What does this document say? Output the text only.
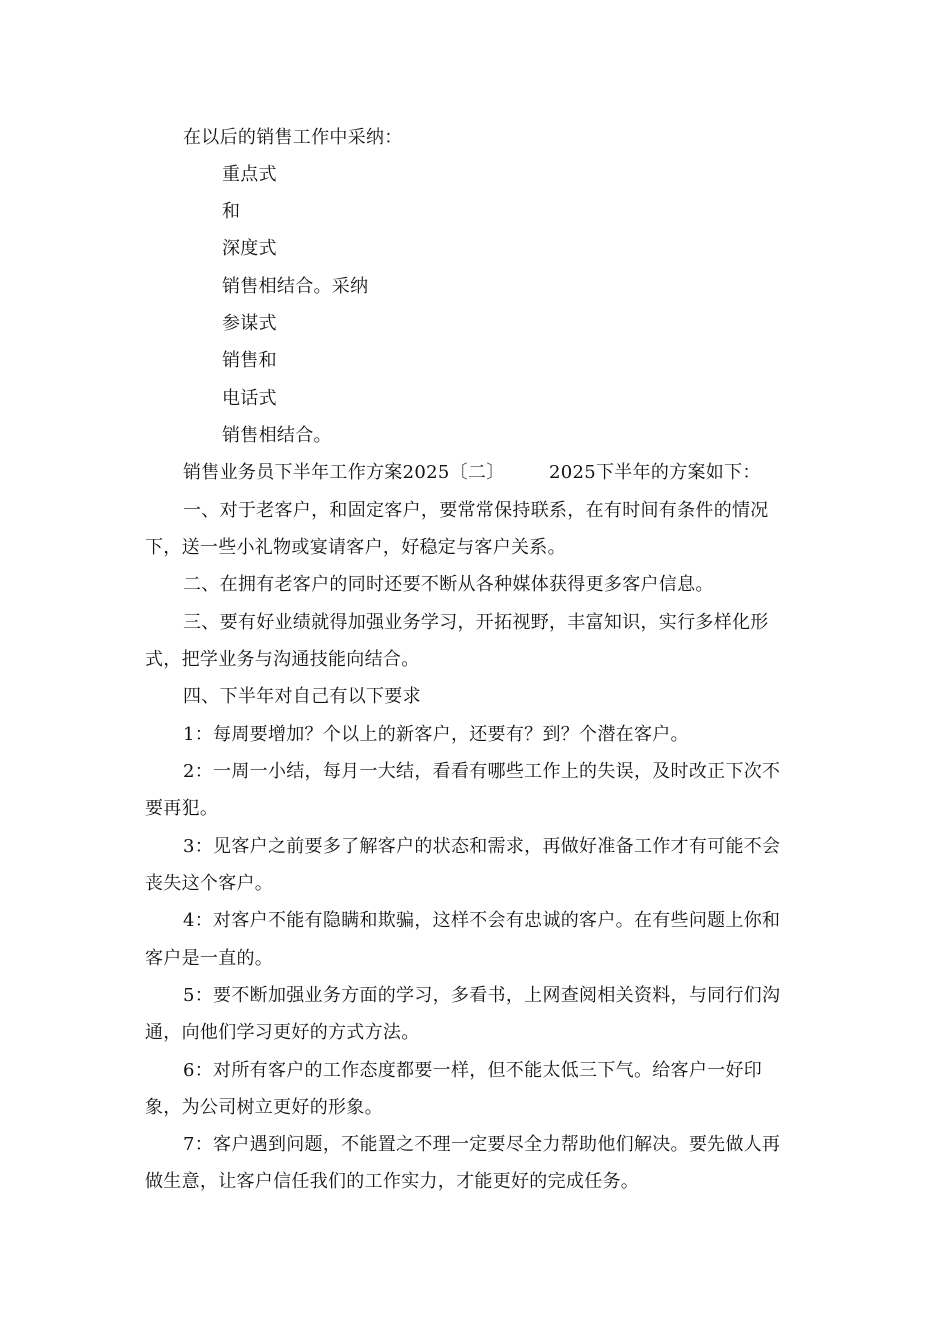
在以后的销售工作中采纳：
重点式
和
深度式
销售相结合。采纳
参谋式
销售和
电话式
销售相结合。
销售业务员下半年工作方案2025〔二〕 2025下半年的方案如下：
一、对于老客户，和固定客户，要常常保持联系，在有时间有条件的情况
下，送一些小礼物或宴请客户，好稳定与客户关系。
二、在拥有老客户的同时还要不断从各种媒体获得更多客户信息。
三、要有好业绩就得加强业务学习，开拓视野，丰富知识，实行多样化形
式，把学业务与沟通技能向结合。
四、下半年对自己有以下要求
1：每周要增加？个以上的新客户，还要有？到？个潜在客户。
2：一周一小结，每月一大结，看看有哪些工作上的失误，及时改正下次不
要再犯。
3：见客户之前要多了解客户的状态和需求，再做好准备工作才有可能不会
丧失这个客户。
4：对客户不能有隐瞒和欺骗，这样不会有忠诚的客户。在有些问题上你和
客户是一直的。
5：要不断加强业务方面的学习，多看书，上网查阅相关资料，与同行们沟
通，向他们学习更好的方式方法。
6：对所有客户的工作态度都要一样，但不能太低三下气。给客户一好印
象，为公司树立更好的形象。
7：客户遇到问题，不能置之不理一定要尽全力帮助他们解决。要先做人再
做生意，让客户信任我们的工作实力，才能更好的完成任务。
